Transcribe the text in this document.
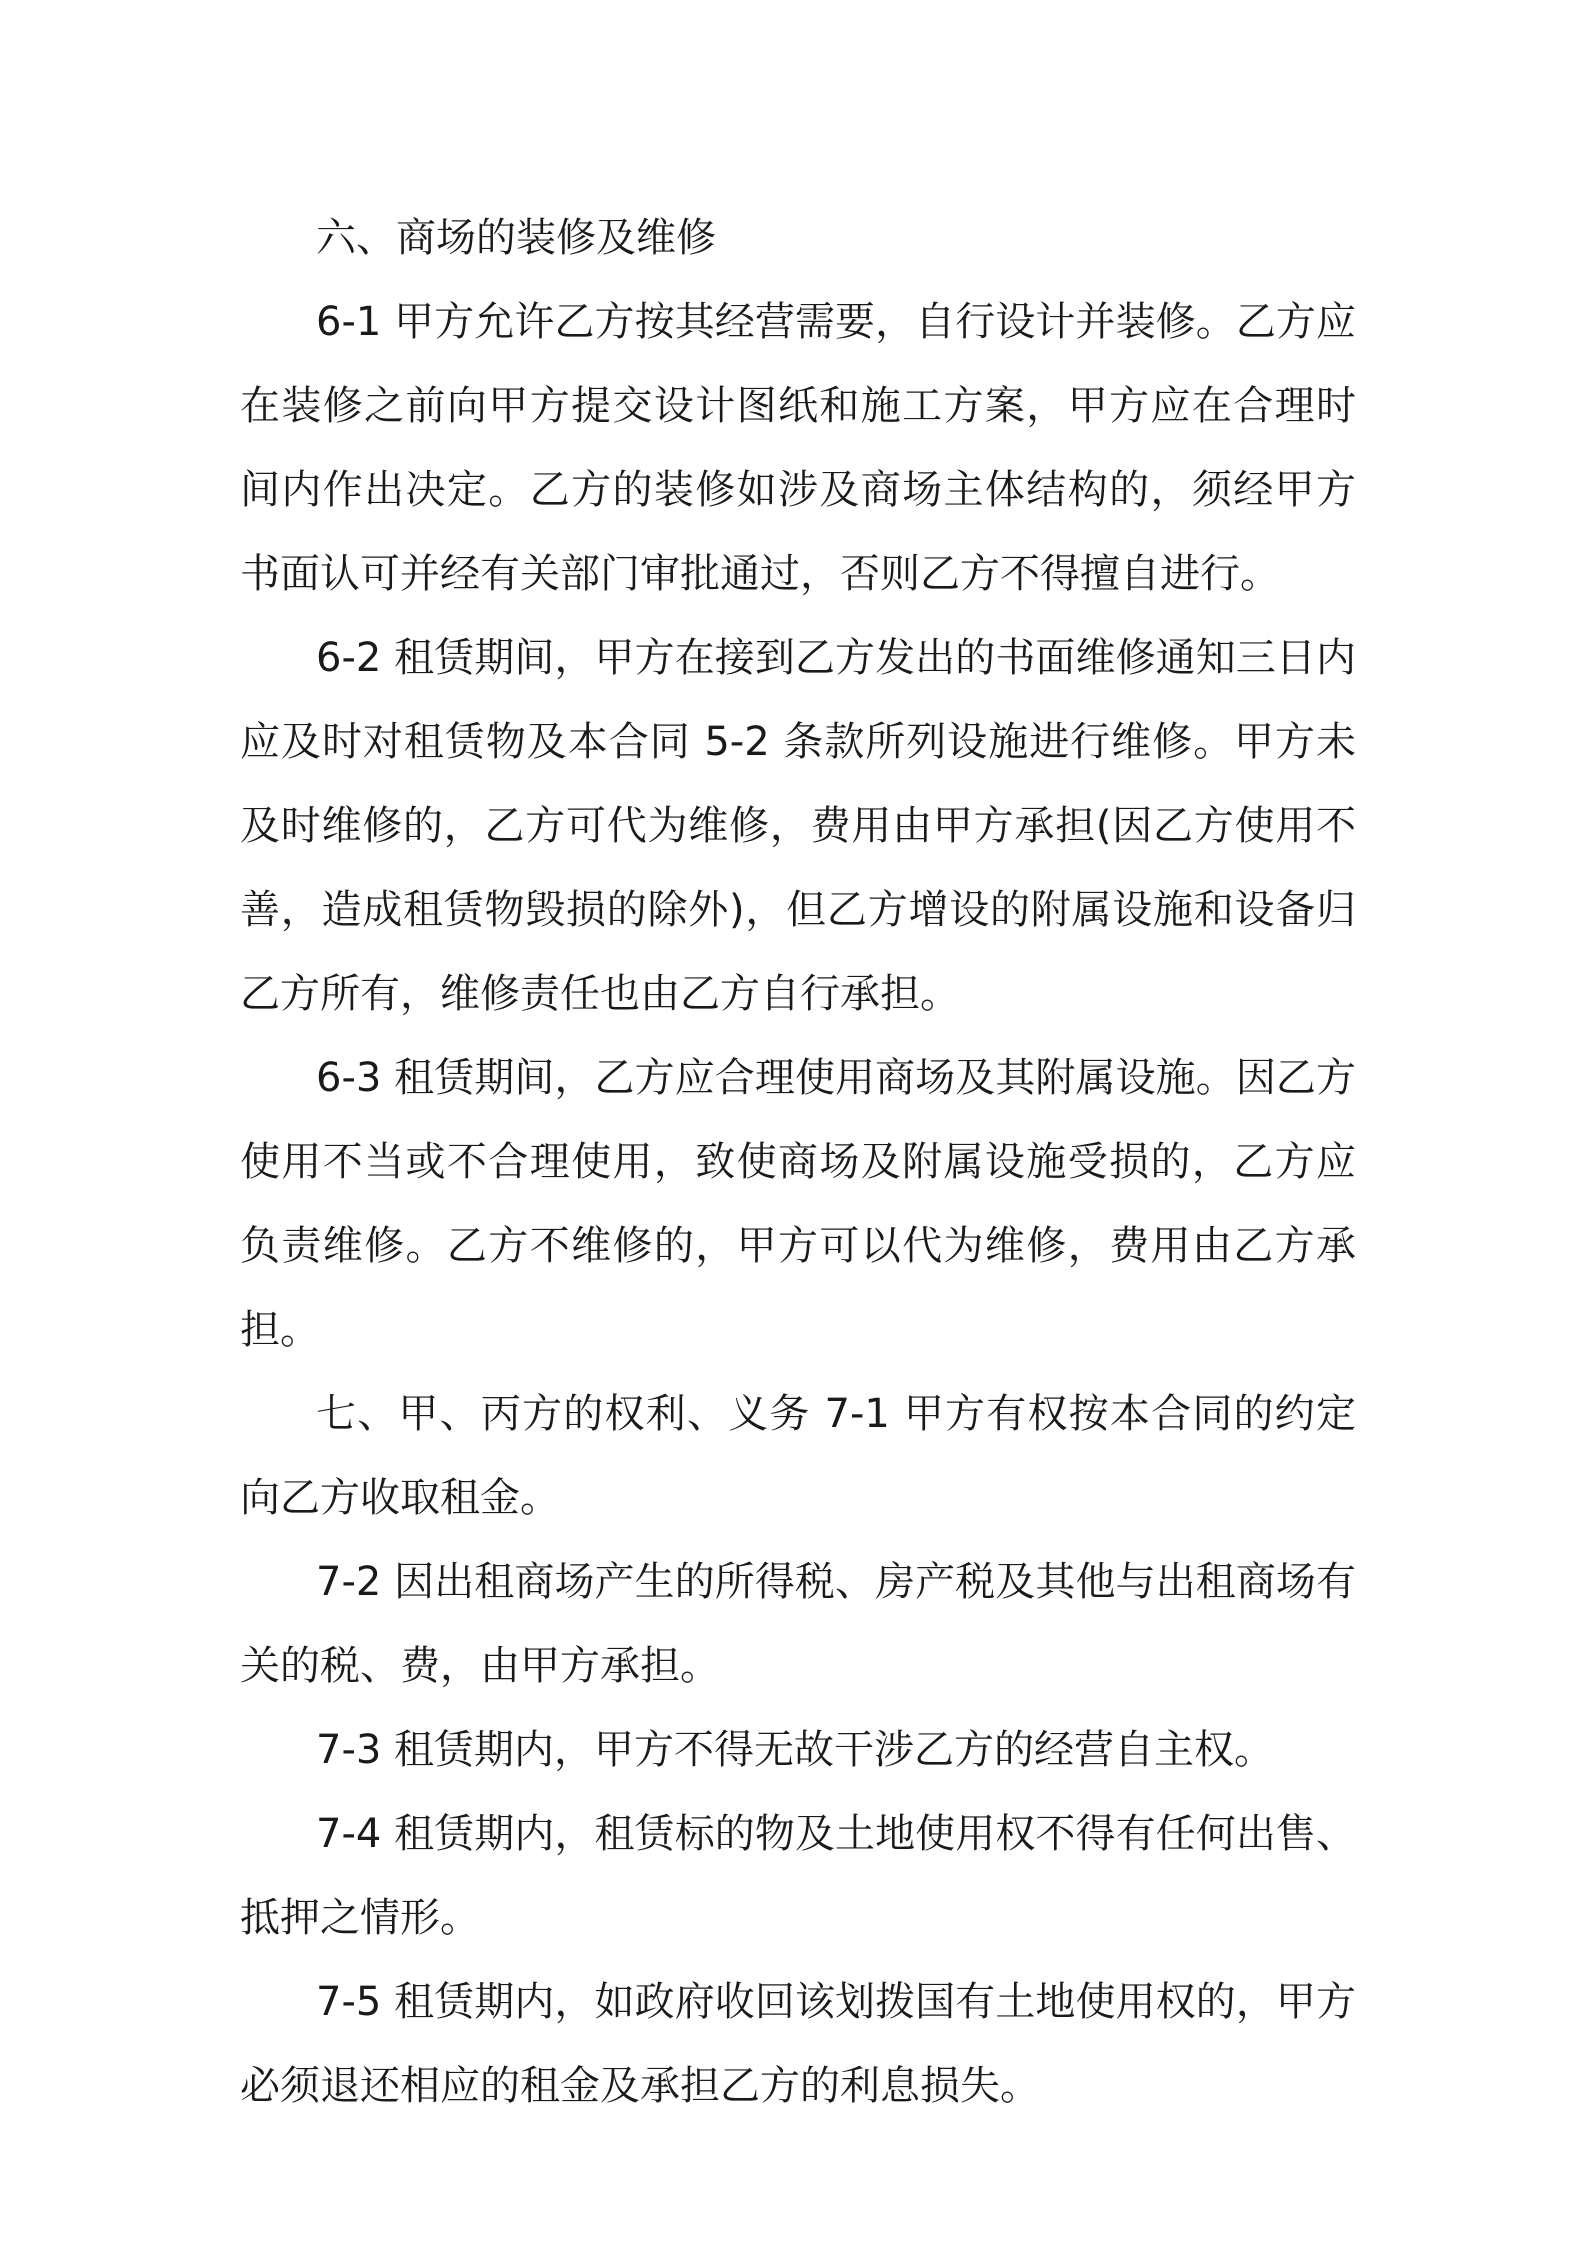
六、商场的装修及维修

6-1 甲方允许乙方按其经营需要，自行设计并装修。乙方应在装修之前向甲方提交设计图纸和施工方案，甲方应在合理时间内作出决定。乙方的装修如涉及商场主体结构的，须经甲方书面认可并经有关部门审批通过，否则乙方不得擅自进行。

6-2 租赁期间，甲方在接到乙方发出的书面维修通知三日内应及时对租赁物及本合同 5-2 条款所列设施进行维修。甲方未及时维修的，乙方可代为维修，费用由甲方承担(因乙方使用不善，造成租赁物毁损的除外)，但乙方增设的附属设施和设备归乙方所有，维修责任也由乙方自行承担。

6-3 租赁期间，乙方应合理使用商场及其附属设施。因乙方使用不当或不合理使用，致使商场及附属设施受损的，乙方应负责维修。乙方不维修的，甲方可以代为维修，费用由乙方承担。

七、甲、丙方的权利、义务 7-1 甲方有权按本合同的约定向乙方收取租金。

7-2 因出租商场产生的所得税、房产税及其他与出租商场有关的税、费，由甲方承担。

7-3 租赁期内，甲方不得无故干涉乙方的经营自主权。

7-4 租赁期内，租赁标的物及土地使用权不得有任何出售、抵押之情形。

7-5 租赁期内，如政府收回该划拨国有土地使用权的，甲方必须退还相应的租金及承担乙方的利息损失。
